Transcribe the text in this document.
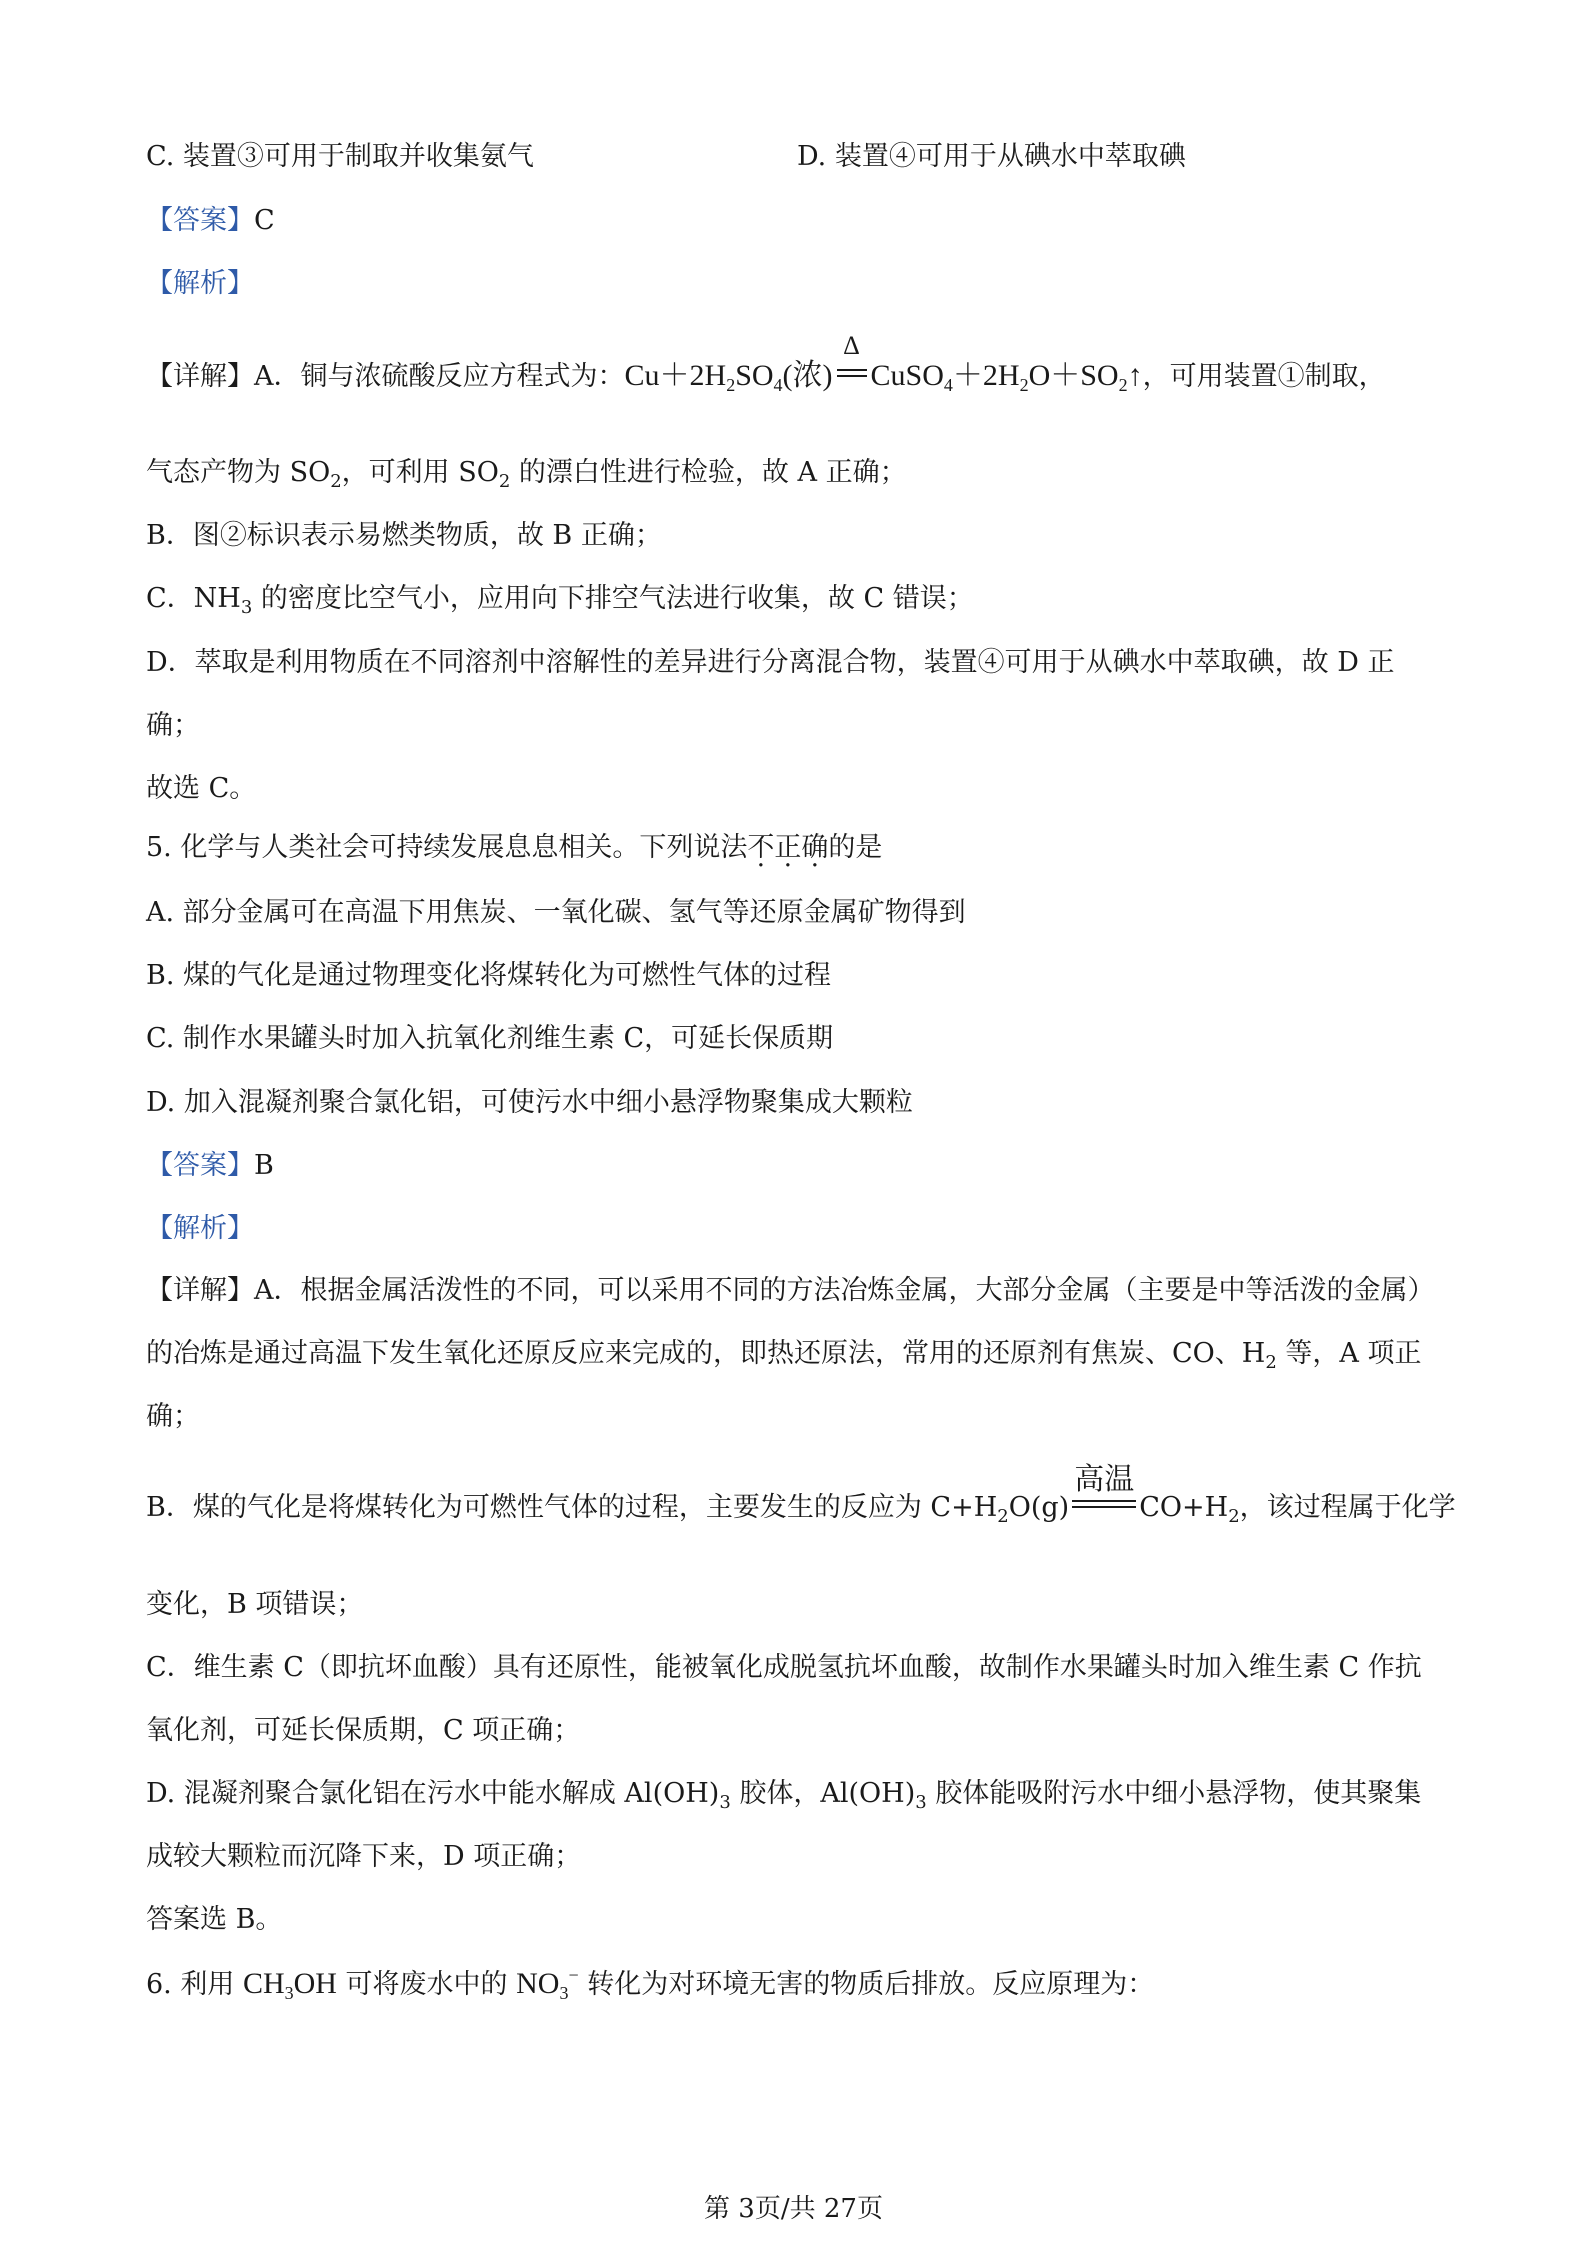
C. 装置③可用于制取并收集氨气	D. 装置④可用于从碘水中萃取碘
【答案】C
【解析】
【详解】A．铜与浓硫酸反应方程式为：$Cu+2H_2SO_4$(浓)
Δ
$CuSO_4+2H_2O+SO_2↑$，可用装置①制取，
气态产物为 $SO_2$，可利用 $SO_2$ 的漂白性进行检验，故 A 正确；
B．图②标识表示易燃类物质，故 B 正确；
C．$NH_3$ 的密度比空气小，应用向下排空气法进行收集，故 C 错误；
D．萃取是利用物质在不同溶剂中溶解性的差异进行分离混合物，装置④可用于从碘水中萃取碘，故 D 正
确；
故选 C。
5. 化学与人类社会可持续发展息息相关。下列说法不正确的是
A. 部分金属可在高温下用焦炭、一氧化碳、氢气等还原金属矿物得到
B. 煤的气化是通过物理变化将煤转化为可燃性气体的过程
C. 制作水果罐头时加入抗氧化剂维生素 C，可延长保质期
D. 加入混凝剂聚合氯化铝，可使污水中细小悬浮物聚集成大颗粒
【答案】B
【解析】
【详解】A．根据金属活泼性的不同，可以采用不同的方法冶炼金属，大部分金属（主要是中等活泼的金属）
的冶炼是通过高温下发生氧化还原反应来完成的，即热还原法，常用的还原剂有焦炭、CO、$H_2$ 等，A 项正
确；
B．煤的气化是将煤转化为可燃性气体的过程，主要发生的反应为 $C+H_2O(g)$
高温
$CO+H_2$，该过程属于化学
变化，B 项错误；
C．维生素 C（即抗坏血酸）具有还原性，能被氧化成脱氢抗坏血酸，故制作水果罐头时加入维生素 C 作抗
氧化剂，可延长保质期，C 项正确；
D. 混凝剂聚合氯化铝在污水中能水解成 $Al(OH)_3$ 胶体，$Al(OH)_3$ 胶体能吸附污水中细小悬浮物，使其聚集
成较大颗粒而沉降下来，D 项正确；
答案选 B。
6. 利用 $CH_3OH$ 可将废水中的 $NO_3^-$ 转化为对环境无害的物质后排放。反应原理为：
第 3页/共 27页
